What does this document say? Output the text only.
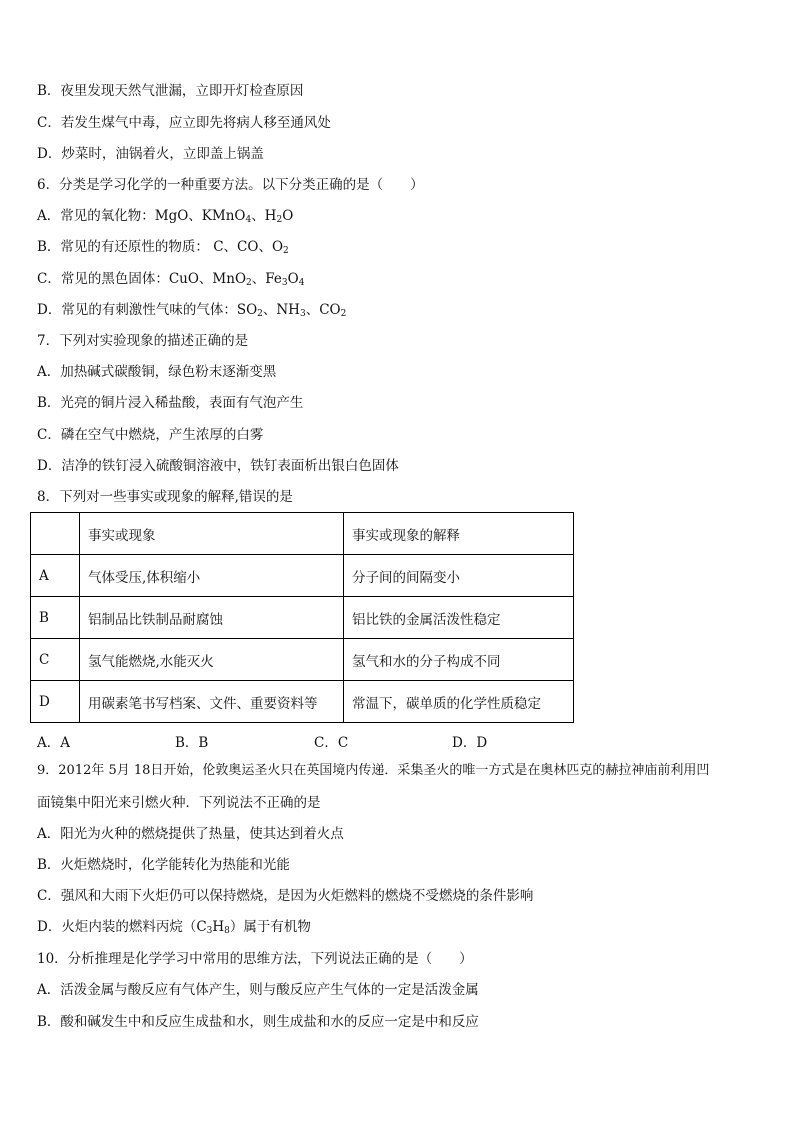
B．夜里发现天然气泄漏，立即开灯检查原因
C．若发生煤气中毒，应立即先将病人移至通风处
D．炒菜时，油锅着火，立即盖上锅盖
6．分类是学习化学的一种重要方法。以下分类正确的是（　　）
A．常见的氧化物：MgO、KMnO$_4$、$H_2O$
B．常见的有还原性的物质： C、CO、$O_2$
C．常见的黑色固体：CuO、MnO$_2$、$Fe_3O_4$
D．常见的有刺激性气味的气体：$SO_2$、$NH_3$、$CO_2$
7．下列对实验现象的描述正确的是
A．加热碱式碳酸铜，绿色粉末逐渐变黑
B．光亮的铜片浸入稀盐酸，表面有气泡产生
C．磷在空气中燃烧，产生浓厚的白雾
D．洁净的铁钉浸入硫酸铜溶液中，铁钉表面析出银白色固体
8．下列对一些事实或现象的解释,错误的是
	事实或现象	事实或现象的解释
A	气体受压,体积缩小	分子间的间隔变小
B	铝制品比铁制品耐腐蚀	铝比铁的金属活泼性稳定
C	氢气能燃烧,水能灭火	氢气和水的分子构成不同
D	用碳素笔书写档案、文件、重要资料等	常温下，碳单质的化学性质稳定
A．A	B．B	C．C	D．D
9．2012年 5月 18日开始，伦敦奥运圣火只在英国境内传递．采集圣火的唯一方式是在奥林匹克的赫拉神庙前利用凹
面镜集中阳光来引燃火种．下列说法不正确的是
A．阳光为火种的燃烧提供了热量，使其达到着火点
B．火炬燃烧时，化学能转化为热能和光能
C．强风和大雨下火炬仍可以保持燃烧，是因为火炬燃料的燃烧不受燃烧的条件影响
D．火炬内装的燃料丙烷$(C_3H_8)$属于有机物
10．分析推理是化学学习中常用的思维方法，下列说法正确的是（　　）
A．活泼金属与酸反应有气体产生，则与酸反应产生气体的一定是活泼金属
B．酸和碱发生中和反应生成盐和水，则生成盐和水的反应一定是中和反应
